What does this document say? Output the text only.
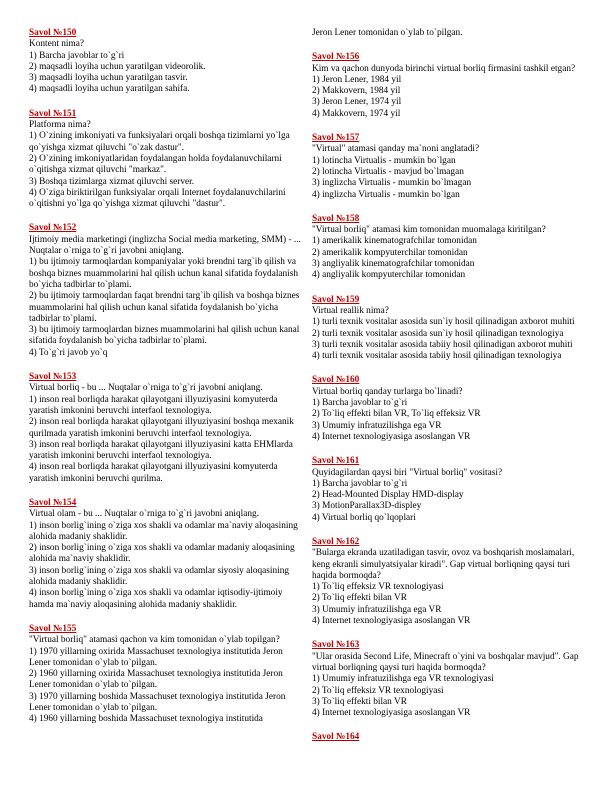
Savol №150

Kontent nima?

1) Barcha javoblar to`g`ri

2) maqsadli loyiha uchun yaratilgan videorolik.

3) maqsadli loyiha uchun yaratilgan tasvir.

4) maqsadli loyiha uchun yaratilgan sahifa.

Savol №151

Platforma nima?

1) O`zining imkoniyati va funksiyalari orqali boshqa tizimlarni yo`lga qo`yishga xizmat qiluvchi "o`zak dastur".

2) O`zining imkoniyatlaridan foydalangan holda foydalanuvchilarni o`qitishga xizmat qiluvchi "markaz".

3) Boshqa tizimlarga xizmat qiluvchi server.

4) O`ziga biriktirilgan funksiyalar orqali Internet foydalanuvchilarini o`qitishni yo`lga qo`yishga xizmat qiluvchi "dastur".

Savol №152

Ijtimoiy media marketingi (inglizcha Social media marketing, SMM) - ... Nuqtalar o`rniga to`g`ri javobni aniqlang.

1) bu ijtimoiy tarmoqlardan kompaniyalar yoki brendni targ`ib qilish va boshqa biznes muammolarini hal qilish uchun kanal sifatida foydalanish bo`yicha tadbirlar to`plami.

2) bu ijtimoiy tarmoqlardan faqat brendni targ`ib qilish va boshqa biznes muammolarini hal qilish uchun kanal sifatida foydalanish bo`yicha tadbirlar to`plami.

3) bu ijtimoiy tarmoqlardan biznes muammolarini hal qilish uchun kanal sifatida foydalanish bo`yicha tadbirlar to`plami.

4) To`g`ri javob yo`q

Savol №153

Virtual borliq - bu ... Nuqtalar o`rniga to`g`ri javobni aniqlang.

1) inson real borliqda harakat qilayotgani illyuziyasini komyuterda yaratish imkonini beruvchi interfaol texnologiya.

2) inson real borliqda harakat qilayotgani illyuziyasini boshqa mexanik qurilmada yaratish imkonini beruvchi interfaol texnologiya.

3) inson real borliqda harakat qilayotgani illyuziyasini katta EHMlarda yaratish imkonini beruvchi interfaol texnologiya.

4) inson real borliqda harakat qilayotgani illyuziyasini komyuterda yaratish imkonini beruvchi qurilma.

Savol №154

Virtual olam - bu ... Nuqtalar o`rniga to`g`ri javobni aniqlang.

1) inson borlig`ining o`ziga xos shakli va odamlar ma`naviy aloqasining alohida madaniy shaklidir.

2) inson borlig`ining o`ziga xos shakli va odamlar madaniy aloqasining alohida ma`naviy shaklidir.

3) inson borlig`ining o`ziga xos shakli va odamlar siyosiy aloqasining alohida madaniy shaklidir.

4) inson borlig`ining o`ziga xos shakli va odamlar iqtisodiy-ijtimoiy hamda ma`naviy aloqasining alohida madaniy shaklidir.

Savol №155

"Virtual borliq" atamasi qachon va kim tomonidan o`ylab topilgan?

1) 1970 yillarning oxirida Massachuset texnologiya institutida Jeron Lener tomonidan o`ylab to`pilgan.

2) 1960 yillarning oxirida Massachuset texnologiya institutida Jeron Lener tomonidan o`ylab to`pilgan.

3) 1970 yillarning boshida Massachuset texnologiya institutida Jeron Lener tomonidan o`ylab to`pilgan.

4) 1960 yillarning boshida Massachuset texnologiya institutida

Jeron Lener tomonidan o`ylab to`pilgan.

Savol №156

Kim va qachon dunyoda birinchi virtual borliq firmasini tashkil etgan?

1) Jeron Lener, 1984 yil

2) Makkovern, 1984 yil

3) Jeron Lener, 1974 yil

4) Makkovern, 1974 yil

Savol №157

"Virtual" atamasi qanday ma`noni anglatadi?

1) lotincha Virtualis - mumkin bo`lgan

2) lotincha Virtualis - mavjud bo`lmagan

3) inglizcha Virtualis - mumkin bo`lmagan

4) inglizcha Virtualis - mumkin bo`lgan

Savol №158

"Virtual borliq" atamasi kim tomonidan muomalaga kiritilgan?

1) amerikalik kinematografchilar tomonidan

2) amerikalik kompyuterchilar tomonidan

3) angliyalik kinematografchilar tomonidan

4) angliyalik kompyuterchilar tomonidan

Savol №159

Virtual reallik nima?

1) turli texnik vositalar asosida sun`iy hosil qilinadigan axborot muhiti

2) turli texnik vositalar asosida sun`iy hosil qilinadigan texnologiya

3) turli texnik vositalar asosida tabiiy hosil qilinadigan axborot muhiti

4) turli texnik vositalar asosida tabiiy hosil qilinadigan texnologiya

Savol №160

Virtual borliq qanday turlarga bo`linadi?

1) Barcha javoblar to`g`ri

2) To`liq effekti bilan VR, To`liq effeksiz VR

3) Umumiy infratuzilishga ega VR

4) Internet texnologiyasiga asoslangan VR

Savol №161

Quyidagilardan qaysi biri "Virtual borliq" vositasi?

1) Barcha javoblar to`g`ri

2) Head-Mounted Display HMD-display

3) MotionParallax3D-displey

4) Virtual borliq qo`lqoplari

Savol №162

"Bularga ekranda uzatiladigan tasvir, ovoz va boshqarish moslamalari, keng ekranli simulyatsiyalar kiradi". Gap virtual borliqning qaysi turi haqida bormoqda?

1) To`liq effeksiz VR texnologiyasi

2) To`liq effekti bilan VR

3) Umumiy infratuzilishga ega VR

4) Internet texnologiyasiga asoslangan VR

Savol №163

"Ular orasida Second Life, Minecraft o`yini va boshqalar mavjud". Gap virtual borliqning qaysi turi haqida bormoqda?

1) Umumiy infratuzilishga ega VR texnologiyasi

2) To`liq effeksiz VR texnologiyasi

3) To`liq effekti bilan VR

4) Internet texnologiyasiga asoslangan VR

Savol №164
